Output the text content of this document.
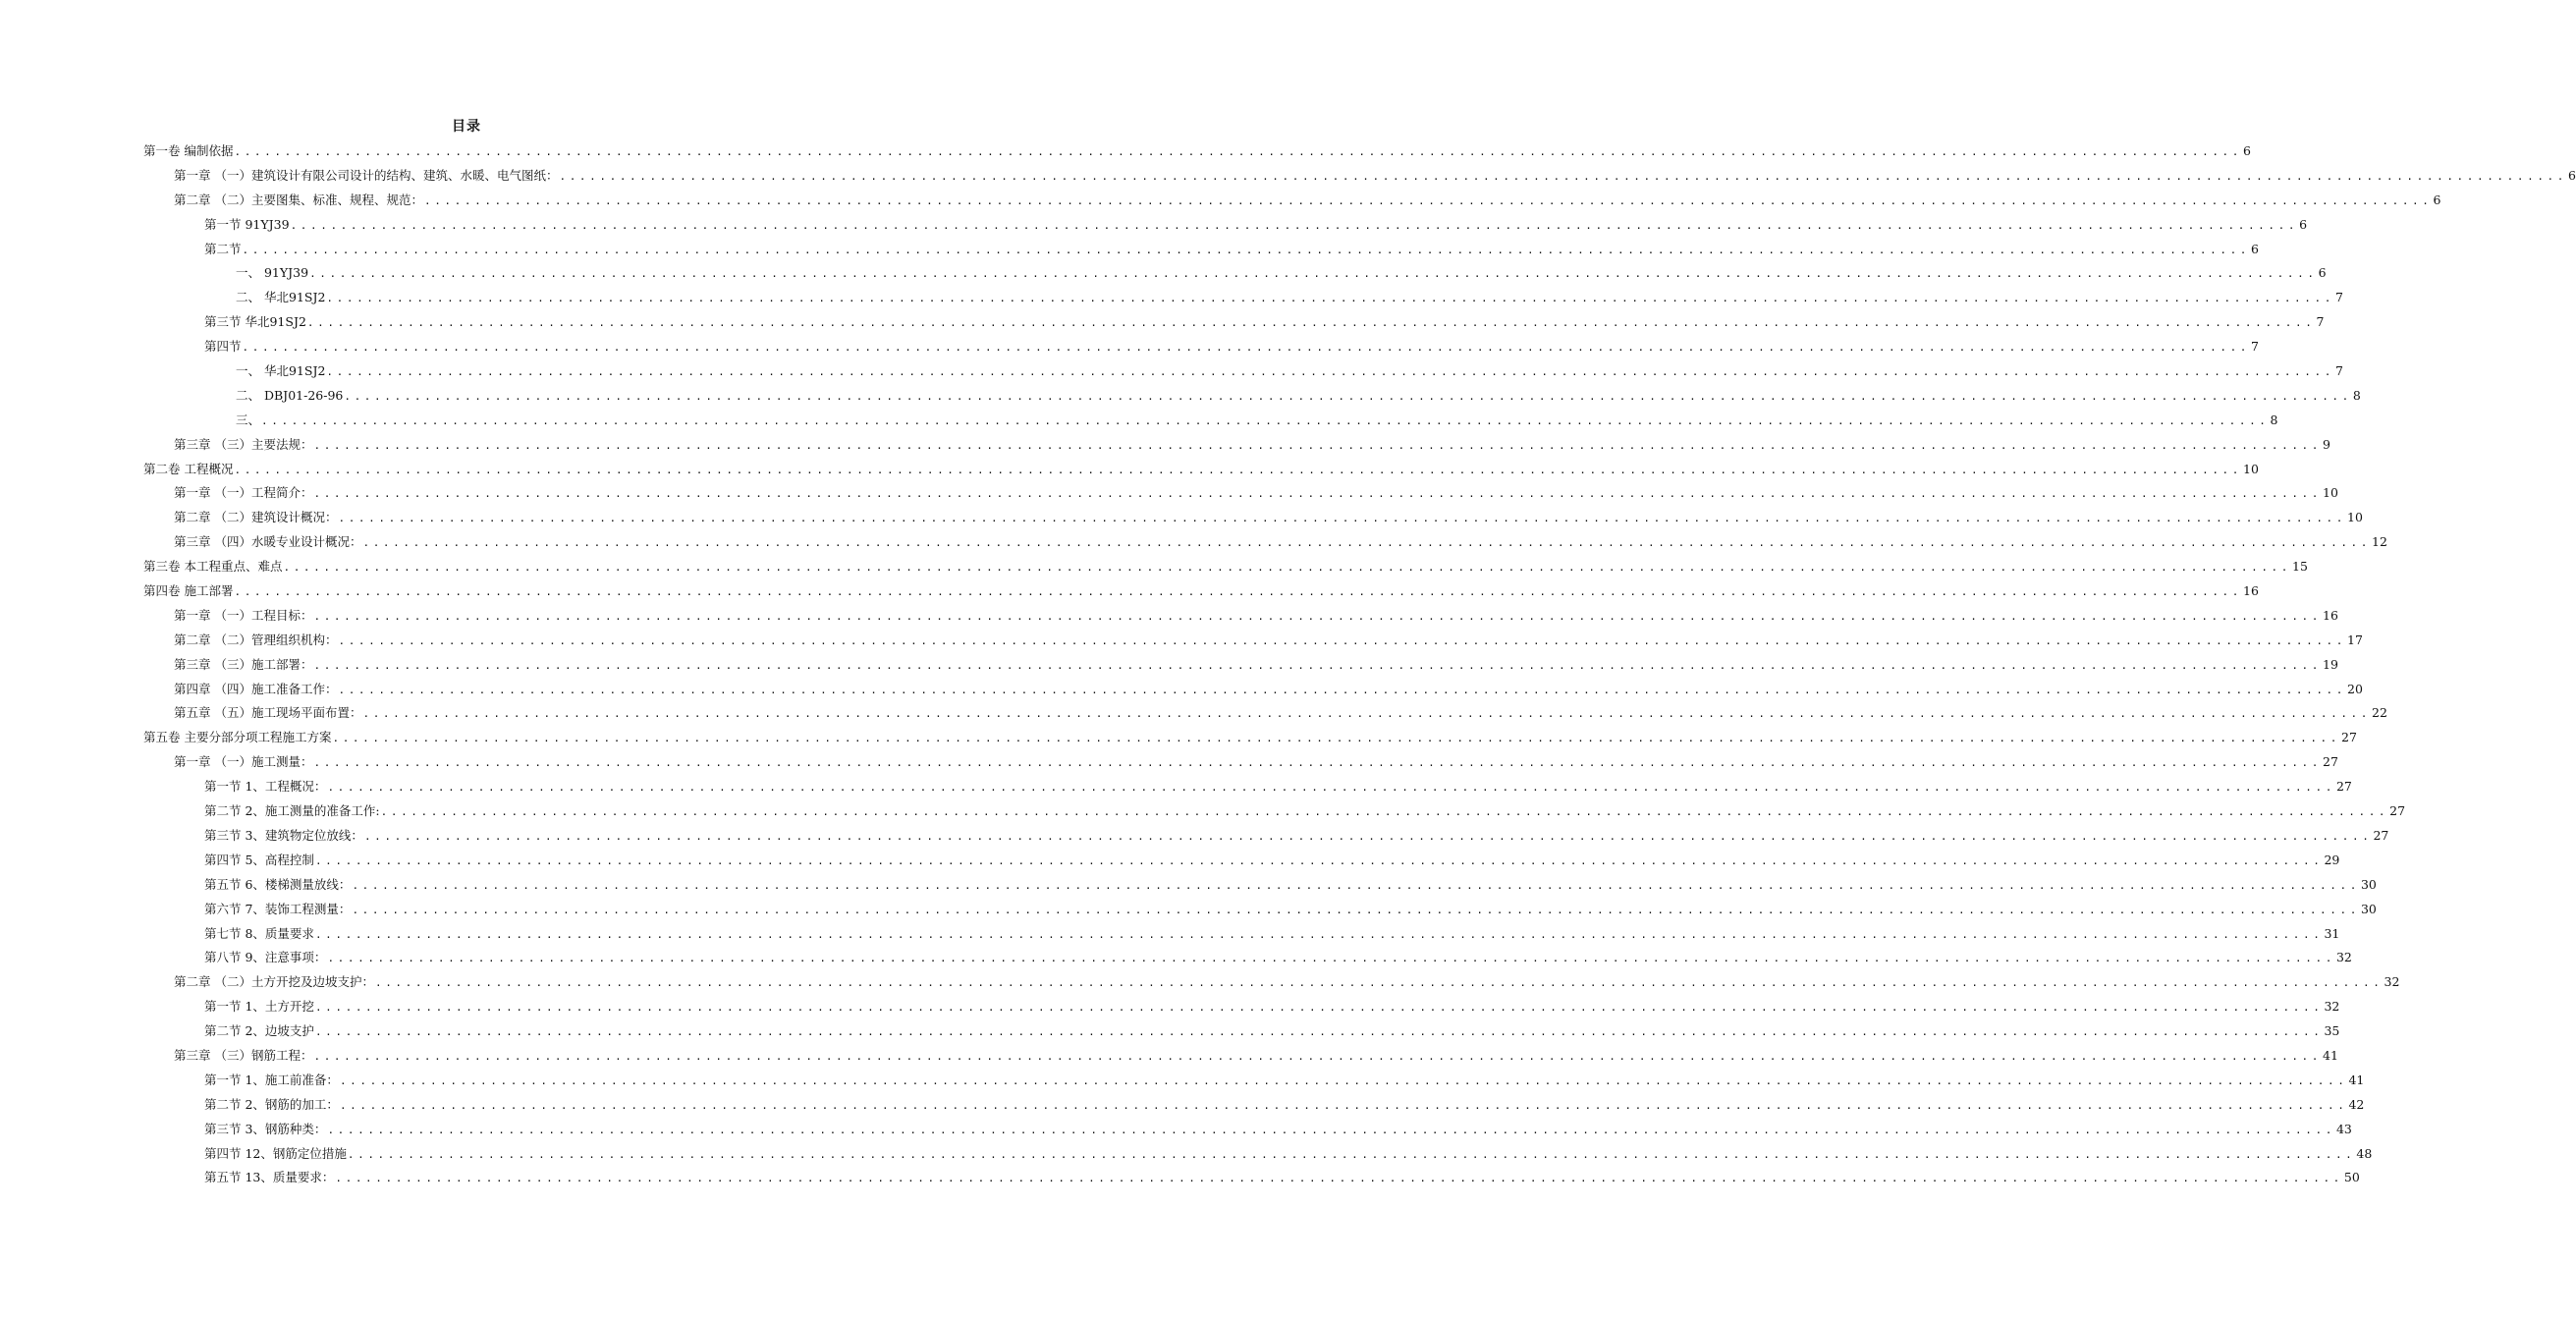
目录
第一卷 编制依据 ........................................................................................................................................................................................................ 6
第一章 （一）建筑设计有限公司设计的结构、建筑、水暖、电气图纸： ........................................................................................................................................................................................................ 6
第二章 （二）主要图集、标准、规程、规范： ........................................................................................................................................................................................................ 6
第一节 91YJ39 ........................................................................................................................................................................................................ 6
第二节 ........................................................................................................................................................................................................ 6
一、 91YJ39 ........................................................................................................................................................................................................ 6
二、 华北91SJ2 ........................................................................................................................................................................................................ 7
第三节 华北91SJ2 ........................................................................................................................................................................................................ 7
第四节 ........................................................................................................................................................................................................ 7
一、 华北91SJ2 ........................................................................................................................................................................................................ 7
二、 DBJ01-26-96 ........................................................................................................................................................................................................ 8
三、 ........................................................................................................................................................................................................ 8
第三章 （三）主要法规： ........................................................................................................................................................................................................ 9
第二卷 工程概况 ........................................................................................................................................................................................................ 10
第一章 （一）工程简介： ........................................................................................................................................................................................................ 10
第二章 （二）建筑设计概况： ........................................................................................................................................................................................................ 10
第三章 （四）水暖专业设计概况： ........................................................................................................................................................................................................ 12
第三卷 本工程重点、难点 ........................................................................................................................................................................................................ 15
第四卷 施工部署 ........................................................................................................................................................................................................ 16
第一章 （一）工程目标： ........................................................................................................................................................................................................ 16
第二章 （二）管理组织机构： ........................................................................................................................................................................................................ 17
第三章 （三）施工部署： ........................................................................................................................................................................................................ 19
第四章 （四）施工准备工作： ........................................................................................................................................................................................................ 20
第五章 （五）施工现场平面布置： ........................................................................................................................................................................................................ 22
第五卷 主要分部分项工程施工方案 ........................................................................................................................................................................................................ 27
第一章 （一）施工测量： ........................................................................................................................................................................................................ 27
第一节 1、工程概况： ........................................................................................................................................................................................................ 27
第二节 2、施工测量的准备工作: ........................................................................................................................................................................................................ 27
第三节 3、建筑物定位放线： ........................................................................................................................................................................................................ 27
第四节 5、高程控制 ........................................................................................................................................................................................................ 29
第五节 6、楼梯测量放线： ........................................................................................................................................................................................................ 30
第六节 7、装饰工程测量： ........................................................................................................................................................................................................ 30
第七节 8、质量要求 ........................................................................................................................................................................................................ 31
第八节 9、注意事项： ........................................................................................................................................................................................................ 32
第二章 （二）土方开挖及边坡支护： ........................................................................................................................................................................................................ 32
第一节 1、土方开挖 ........................................................................................................................................................................................................ 32
第二节 2、边坡支护 ........................................................................................................................................................................................................ 35
第三章 （三）钢筋工程： ........................................................................................................................................................................................................ 41
第一节 1、施工前准备： ........................................................................................................................................................................................................ 41
第二节 2、钢筋的加工： ........................................................................................................................................................................................................ 42
第三节 3、钢筋种类： ........................................................................................................................................................................................................ 43
第四节 12、钢筋定位措施 ........................................................................................................................................................................................................ 48
第五节 13、质量要求： ........................................................................................................................................................................................................ 50
